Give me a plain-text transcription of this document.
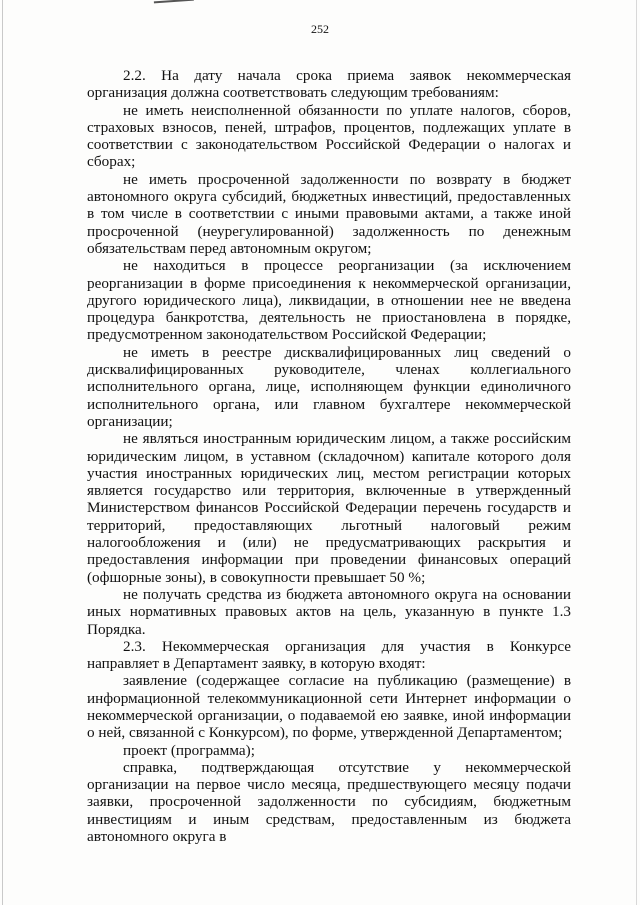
252

2.2. На дату начала срока приема заявок некоммерческая организация должна соответствовать следующим требованиям:

не иметь неисполненной обязанности по уплате налогов, сборов, страховых взносов, пеней, штрафов, процентов, подлежащих уплате в соответствии с законодательством Российской Федерации о налогах и сборах;

не иметь просроченной задолженности по возврату в бюджет автономного округа субсидий, бюджетных инвестиций, предоставленных в том числе в соответствии с иными правовыми актами, а также иной просроченной (неурегулированной) задолженность по денежным обязательствам перед автономным округом;

не находиться в процессе реорганизации (за исключением реорганизации в форме присоединения к некоммерческой организации, другого юридического лица), ликвидации, в отношении нее не введена процедура банкротства, деятельность не приостановлена в порядке, предусмотренном законодательством Российской Федерации;

не иметь в реестре дисквалифицированных лиц сведений о дисквалифицированных руководителе, членах коллегиального исполнительного органа, лице, исполняющем функции единоличного исполнительного органа, или главном бухгалтере некоммерческой организации;

не являться иностранным юридическим лицом, а также российским юридическим лицом, в уставном (складочном) капитале которого доля участия иностранных юридических лиц, местом регистрации которых является государство или территория, включенные в утвержденный Министерством финансов Российской Федерации перечень государств и территорий, предоставляющих льготный налоговый режим налогообложения и (или) не предусматривающих раскрытия и предоставления информации при проведении финансовых операций (офшорные зоны), в совокупности превышает 50 %;

не получать средства из бюджета автономного округа на основании иных нормативных правовых актов на цель, указанную в пункте 1.3 Порядка.

2.3. Некоммерческая организация для участия в Конкурсе направляет в Департамент заявку, в которую входят:

заявление (содержащее согласие на публикацию (размещение) в информационной телекоммуникационной сети Интернет информации о некоммерческой организации, о подаваемой ею заявке, иной информации о ней, связанной с Конкурсом), по форме, утвержденной Департаментом;

проект (программа);

справка, подтверждающая отсутствие у некоммерческой организации на первое число месяца, предшествующего месяцу подачи заявки, просроченной задолженности по субсидиям, бюджетным инвестициям и иным средствам, предоставленным из бюджета автономного округа в
